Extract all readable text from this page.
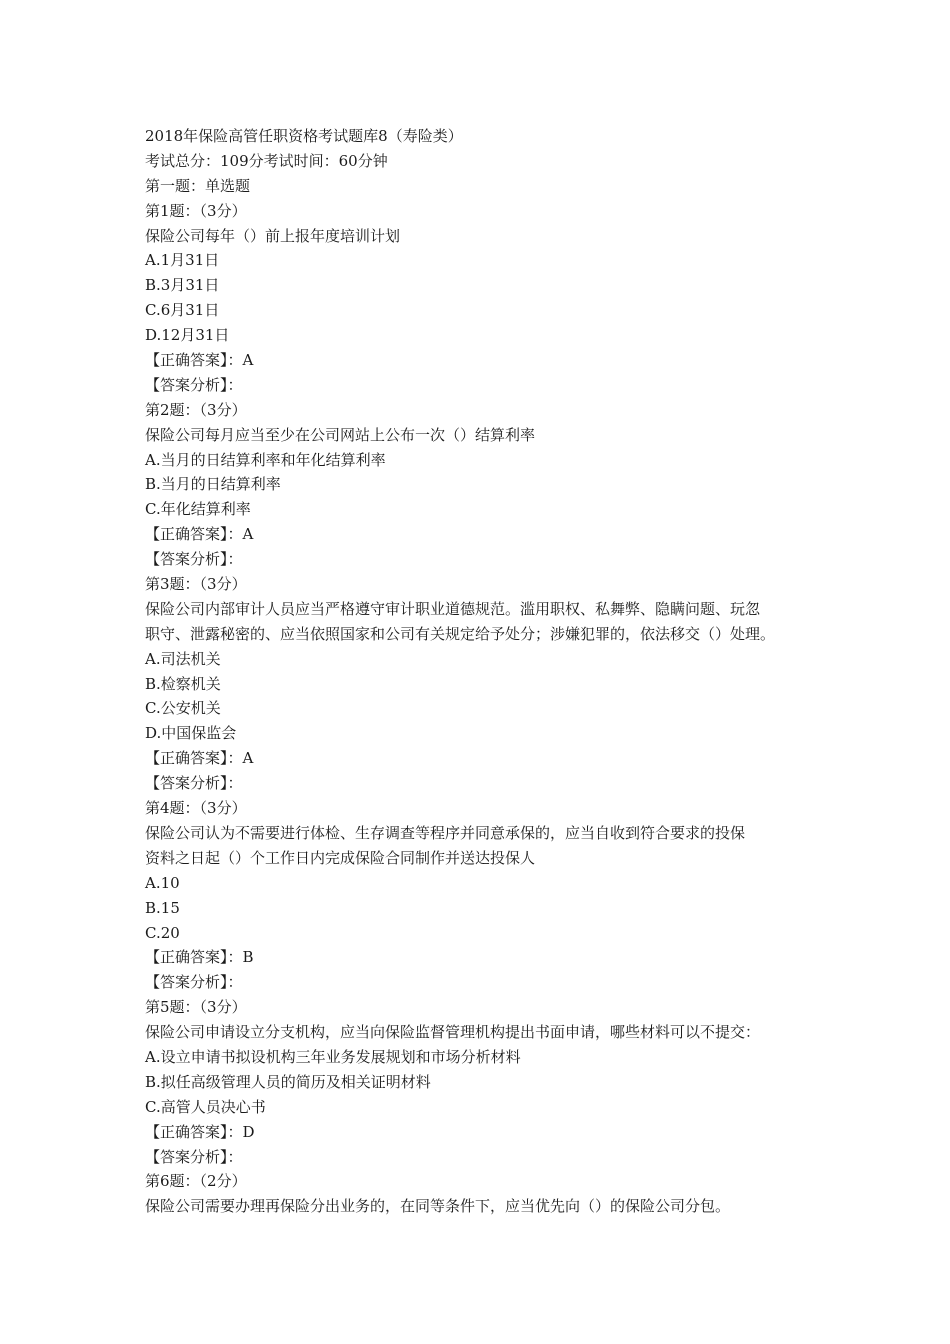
2018年保险高管任职资格考试题库8（寿险类）
考试总分：109分考试时间：60分钟
第一题：单选题
第1题：（3分）
保险公司每年（）前上报年度培训计划
A.1月31日
B.3月31日
C.6月31日
D.12月31日
【正确答案】：A
【答案分析】：
第2题：（3分）
保险公司每月应当至少在公司网站上公布一次（）结算利率
A.当月的日结算利率和年化结算利率
B.当月的日结算利率
C.年化结算利率
【正确答案】：A
【答案分析】：
第3题：（3分）
保险公司内部审计人员应当严格遵守审计职业道德规范。滥用职权、私舞弊、隐瞒问题、玩忽
职守、泄露秘密的、应当依照国家和公司有关规定给予处分；涉嫌犯罪的，依法移交（）处理。
A.司法机关
B.检察机关
C.公安机关
D.中国保监会
【正确答案】：A
【答案分析】：
第4题：（3分）
保险公司认为不需要进行体检、生存调查等程序并同意承保的，应当自收到符合要求的投保
资料之日起（）个工作日内完成保险合同制作并送达投保人
A.10
B.15
C.20
【正确答案】：B
【答案分析】：
第5题：（3分）
保险公司申请设立分支机构，应当向保险监督管理机构提出书面申请，哪些材料可以不提交：
A.设立申请书拟设机构三年业务发展规划和市场分析材料
B.拟任高级管理人员的简历及相关证明材料
C.高管人员决心书
【正确答案】：D
【答案分析】：
第6题：（2分）
保险公司需要办理再保险分出业务的，在同等条件下，应当优先向（）的保险公司分包。
